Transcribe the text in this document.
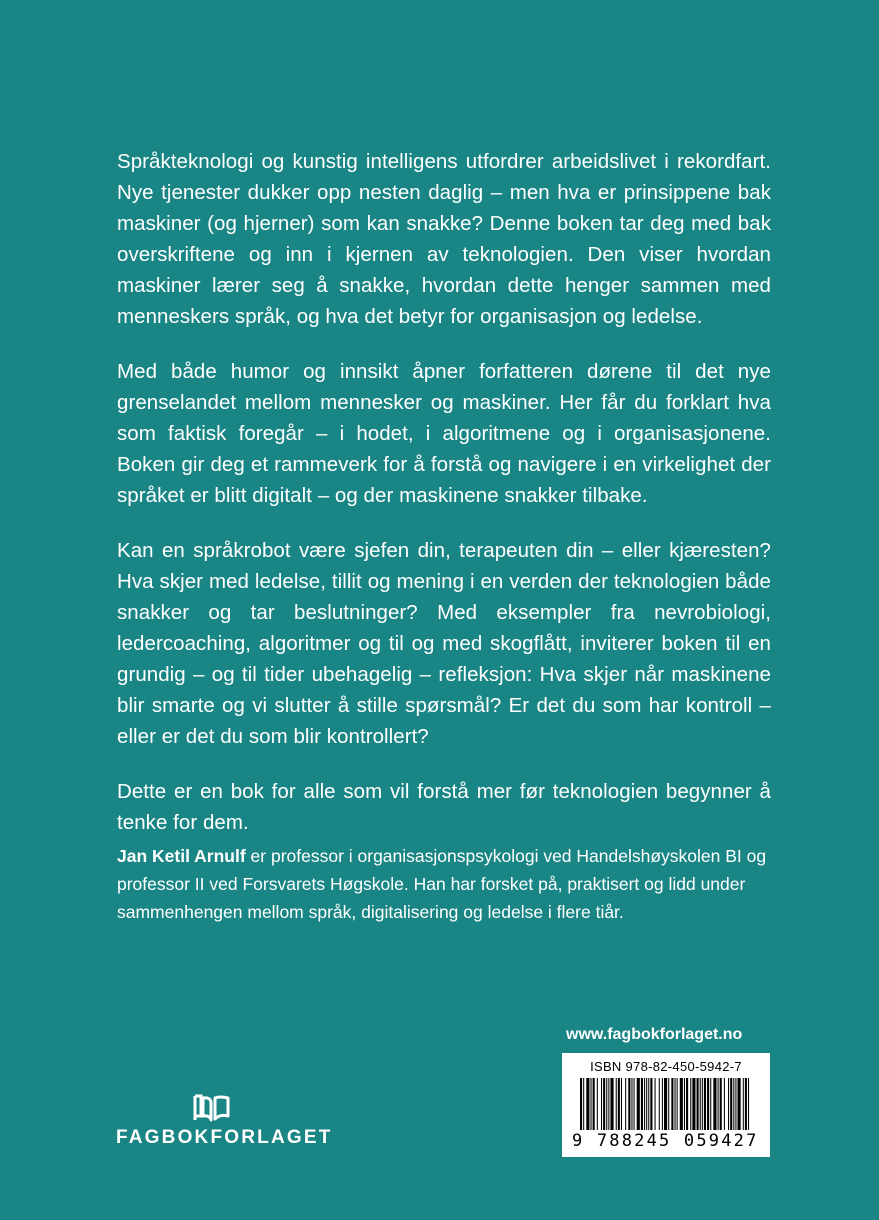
Språkteknologi og kunstig intelligens utfordrer arbeidslivet i rekordfart. Nye tjenester dukker opp nesten daglig – men hva er prinsippene bak maskiner (og hjerner) som kan snakke? Denne boken tar deg med bak overskriftene og inn i kjernen av teknologien. Den viser hvordan maskiner lærer seg å snakke, hvordan dette henger sammen med menneskers språk, og hva det betyr for organisasjon og ledelse.

Med både humor og innsikt åpner forfatteren dørene til det nye grenselandet mellom mennesker og maskiner. Her får du forklart hva som faktisk foregår – i hodet, i algoritmene og i organisasjonene. Boken gir deg et rammeverk for å forstå og navigere i en virkelighet der språket er blitt digitalt – og der maskinene snakker tilbake.

Kan en språkrobot være sjefen din, terapeuten din – eller kjæresten? Hva skjer med ledelse, tillit og mening i en verden der teknologien både snakker og tar beslutninger? Med eksempler fra nevrobiologi, ledercoaching, algoritmer og til og med skogflått, inviterer boken til en grundig – og til tider ubehagelig – refleksjon: Hva skjer når maskinene blir smarte og vi slutter å stille spørsmål? Er det du som har kontroll – eller er det du som blir kontrollert?

Dette er en bok for alle som vil forstå mer før teknologien begynner å tenke for dem.

Jan Ketil Arnulf er professor i organisasjonspsykologi ved Handelshøyskolen BI og professor II ved Forsvarets Høgskole. Han har forsket på, praktisert og lidd under sammenhengen mellom språk, digitalisering og ledelse i flere tiår.

www.fagbokforlaget.no
ISBN 978-82-450-5942-7
9 788245 059427
FAGBOKFORLAGET
